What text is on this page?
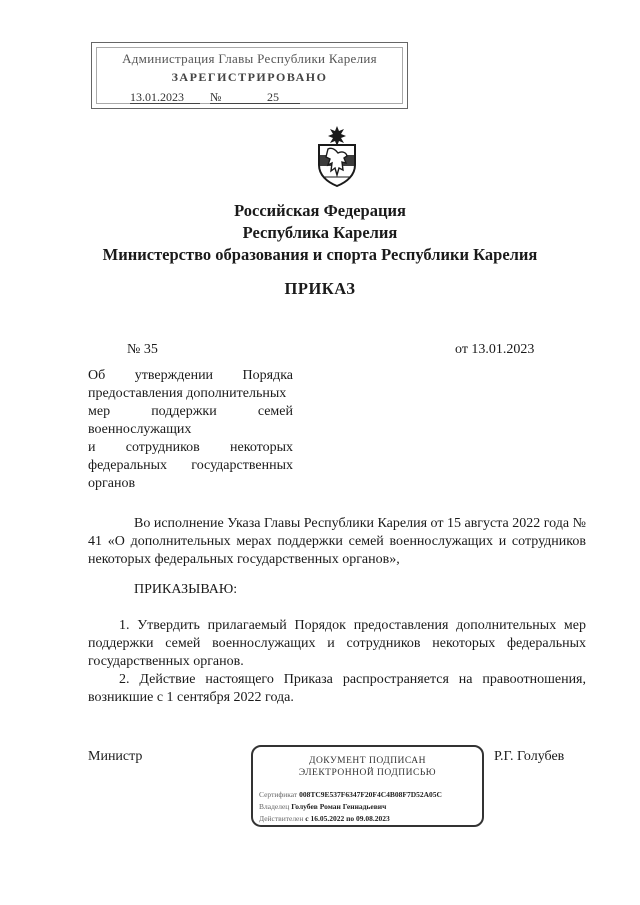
Администрация Главы Республики Карелия
ЗАРЕГИСТРИРОВАНО
13.01.2023 №	25
Российская Федерация
Республика Карелия
Министерство образования и спорта Республики Карелия
ПРИКАЗ
№ 35	от 13.01.2023
Об утверждении Порядка
предоставления дополнительных
мер поддержки семей
военнослужащих
и сотрудников некоторых
федеральных государственных
органов
Во исполнение Указа Главы Республики Карелия от 15 августа 2022 года № 41 «О дополнительных мерах поддержки семей военнослужащих и сотрудников некоторых федеральных государственных органов»,
ПРИКАЗЫВАЮ:
1. Утвердить прилагаемый Порядок предоставления дополнительных мер поддержки семей военнослужащих и сотрудников некоторых федеральных государственных органов.
2. Действие настоящего Приказа распространяется на правоотношения, возникшие с 1 сентября 2022 года.
Министр	ДОКУМЕНТ ПОДПИСАН
ЭЛЕКТРОННОЙ ПОДПИСЬЮ
Сертификат 008TC9E537F6347F20F4C4B08F7D52A05C
Владелец Голубев Роман Геннадьевич
Действителен с 16.05.2022 по 09.08.2023
Р.Г. Голубев
